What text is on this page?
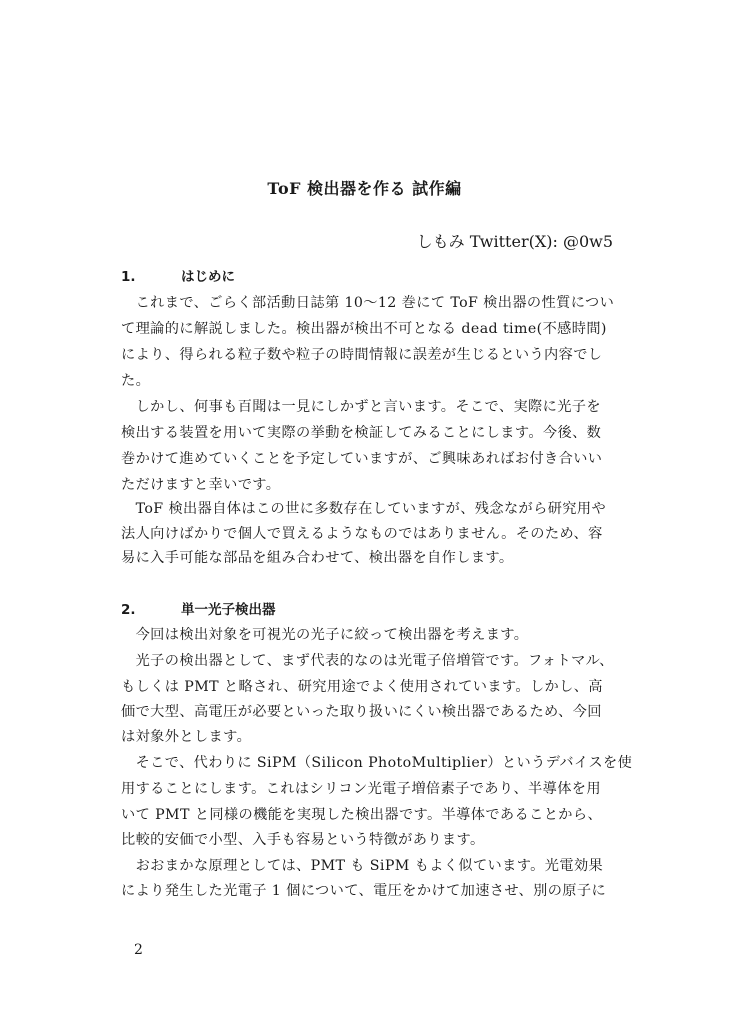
ToF 検出器を作る 試作編
しもみ Twitter(X): @0w5
1.	はじめに
　これまで、ごらく部活動日誌第 10～12 巻にて ToF 検出器の性質につい
て理論的に解説しました。検出器が検出不可となる dead time(不感時間)
により、得られる粒子数や粒子の時間情報に誤差が生じるという内容でし
た。
　しかし、何事も百聞は一見にしかずと言います。そこで、実際に光子を
検出する装置を用いて実際の挙動を検証してみることにします。今後、数
巻かけて進めていくことを予定していますが、ご興味あればお付き合いい
ただけますと幸いです。
　ToF 検出器自体はこの世に多数存在していますが、残念ながら研究用や
法人向けばかりで個人で買えるようなものではありません。そのため、容
易に入手可能な部品を組み合わせて、検出器を自作します。
2.	単一光子検出器
　今回は検出対象を可視光の光子に絞って検出器を考えます。
　光子の検出器として、まず代表的なのは光電子倍増管です。フォトマル、
もしくは PMT と略され、研究用途でよく使用されています。しかし、高
価で大型、高電圧が必要といった取り扱いにくい検出器であるため、今回
は対象外とします。
　そこで、代わりに SiPM（Silicon PhotoMultiplier）というデバイスを使
用することにします。これはシリコン光電子増倍素子であり、半導体を用
いて PMT と同様の機能を実現した検出器です。半導体であることから、
比較的安価で小型、入手も容易という特徴があります。
　おおまかな原理としては、PMT も SiPM もよく似ています。光電効果
により発生した光電子 1 個について、電圧をかけて加速させ、別の原子に
2
